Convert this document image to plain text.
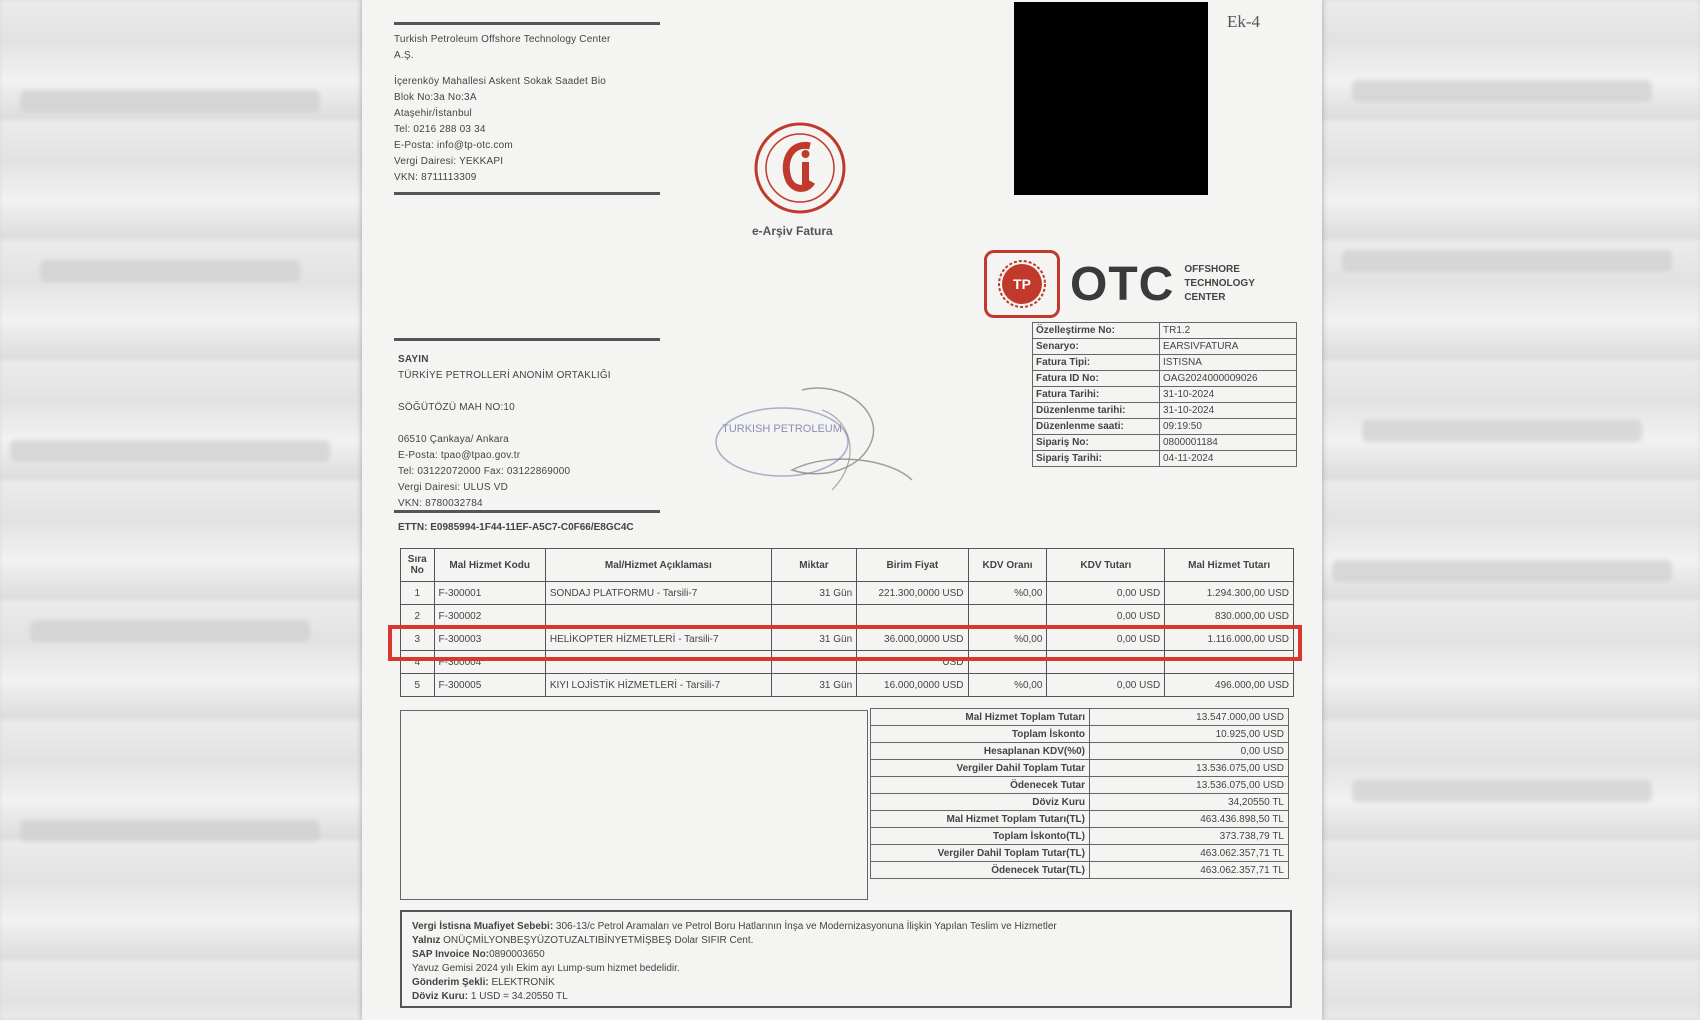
Ek-4
Turkish Petroleum Offshore Technology Center
A.Ş.
İçerenköy Mahallesi Askent Sokak Saadet Bio
Blok No:3a No:3A
Ataşehir/İstanbul
Tel: 0216 288 03 34
E-Posta: info@tp-otc.com
Vergi Dairesi: YEKKAPI
VKN: 8711113309
e-Arşiv Fatura
TP OTC OFFSHORE
TECHNOLOGY
CENTER
Özelleştirme No:	TR1.2
Senaryo:	EARSIVFATURA
Fatura Tipi:	ISTISNA
Fatura ID No:	OAG2024000009026
Fatura Tarihi:	31-10-2024
Düzenlenme tarihi:	31-10-2024
Düzenlenme saati:	09:19:50
Sipariş No:	0800001184
Sipariş Tarihi:	04-11-2024
SAYIN
TÜRKİYE PETROLLERİ ANONİM ORTAKLIĞI

SÖĞÜTÖZÜ MAH NO:10

06510 Çankaya/ Ankara
E-Posta: tpao@tpao.gov.tr
Tel: 03122072000 Fax: 03122869000
Vergi Dairesi: ULUS VD
VKN: 8780032784
TURKISH PETROLEUM
ETTN: E0985994-1F44-11EF-A5C7-C0F66/E8GC4C
Sıra No	Mal Hizmet Kodu	Mal/Hizmet Açıklaması	Miktar	Birim Fiyat	KDV Oranı	KDV Tutarı	Mal Hizmet Tutarı
1	F-300001	SONDAJ PLATFORMU - Tarsili-7	31 Gün	221.300,0000 USD	%0,00	0,00 USD	1.294.300,00 USD
2	F-300002					0,00 USD	830.000,00 USD
3	F-300003	HELİKOPTER HİZMETLERİ - Tarsili-7	31 Gün	36.000,0000 USD	%0,00	0,00 USD	1.116.000,00 USD
4	F-300004			USD			
5	F-300005	KIYI LOJİSTİK HİZMETLERİ - Tarsili-7	31 Gün	16.000,0000 USD	%0,00	0,00 USD	496.000,00 USD
Mal Hizmet Toplam Tutarı	13.547.000,00 USD
Toplam İskonto	10.925,00 USD
Hesaplanan KDV(%0)	0,00 USD
Vergiler Dahil Toplam Tutar	13.536.075,00 USD
Ödenecek Tutar	13.536.075,00 USD
Döviz Kuru	34,20550 TL
Mal Hizmet Toplam Tutarı(TL)	463.436.898,50 TL
Toplam İskonto(TL)	373.738,79 TL
Vergiler Dahil Toplam Tutar(TL)	463.062.357,71 TL
Ödenecek Tutar(TL)	463.062.357,71 TL
Vergi İstisna Muafiyet Sebebi: 306-13/c Petrol Aramaları ve Petrol Boru Hatlarının İnşa ve Modernizasyonuna İlişkin Yapılan Teslim ve Hizmetler
Yalnız ONÜÇMİLYONBEŞYÜZOTUZALTIBİNYETMİŞBEŞ Dolar SIFIR Cent.
SAP Invoice No:0890003650
Yavuz Gemisi 2024 yılı Ekim ayı Lump-sum hizmet bedelidir.
Gönderim Şekli: ELEKTRONİK
Döviz Kuru: 1 USD = 34.20550 TL
